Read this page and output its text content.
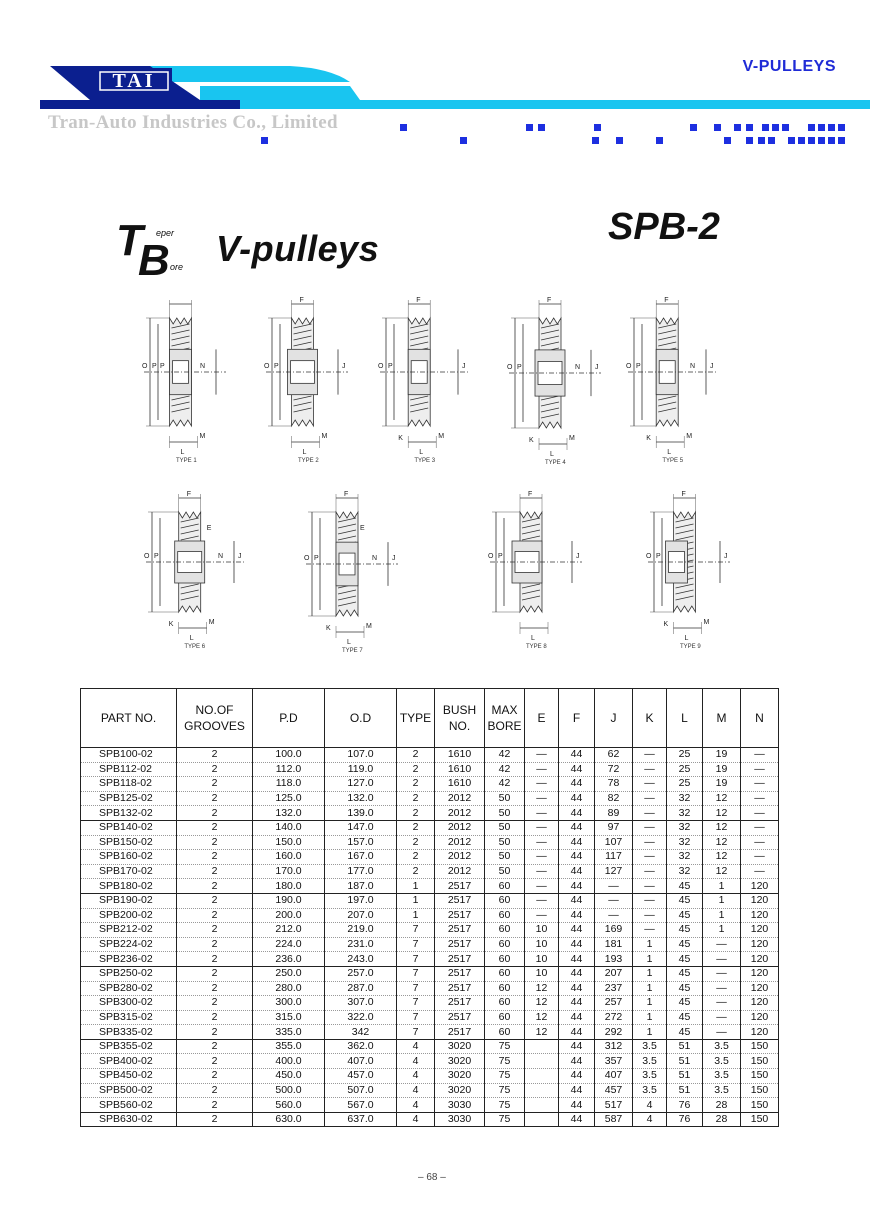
TAI
V-PULLEYS
Tran-Auto Industries Co., Limited
T eper
B ore V-pulleys
SPB-2
P
O P	N
L
M
TYPE 1
F
O P	J
L
M
TYPE 2
F
O P	J
K
L
M
TYPE 3
F
O P	N J
K
L
M
TYPE 4
F
O P	N J
K
L
M
TYPE 5
F
O P
E
N J
K
L
M
TYPE 6
F
O P
E
N J
K
L
M
TYPE 7
F
O P	J
L
TYPE 8
F
O P	J
K
L
M
TYPE 9
PART NO.	NO.OF
GROOVES	P.D	O.D	TYPE	BUSH
NO.	MAX
BORE	E	F	J	K	L	M	N
SPB100-02	2	100.0	107.0	2	1610	42	—	44	62	—	25	19	—
SPB112-02	2	112.0	119.0	2	1610	42	—	44	72	—	25	19	—
SPB118-02	2	118.0	127.0	2	1610	42	—	44	78	—	25	19	—
SPB125-02	2	125.0	132.0	2	2012	50	—	44	82	—	32	12	—
SPB132-02	2	132.0	139.0	2	2012	50	—	44	89	—	32	12	—
SPB140-02	2	140.0	147.0	2	2012	50	—	44	97	—	32	12	—
SPB150-02	2	150.0	157.0	2	2012	50	—	44	107	—	32	12	—
SPB160-02	2	160.0	167.0	2	2012	50	—	44	117	—	32	12	—
SPB170-02	2	170.0	177.0	2	2012	50	—	44	127	—	32	12	—
SPB180-02	2	180.0	187.0	1	2517	60	—	44	—	—	45	1	120
SPB190-02	2	190.0	197.0	1	2517	60	—	44	—	—	45	1	120
SPB200-02	2	200.0	207.0	1	2517	60	—	44	—	—	45	1	120
SPB212-02	2	212.0	219.0	7	2517	60	10	44	169	—	45	1	120
SPB224-02	2	224.0	231.0	7	2517	60	10	44	181	1	45	—	120
SPB236-02	2	236.0	243.0	7	2517	60	10	44	193	1	45	—	120
SPB250-02	2	250.0	257.0	7	2517	60	10	44	207	1	45	—	120
SPB280-02	2	280.0	287.0	7	2517	60	12	44	237	1	45	—	120
SPB300-02	2	300.0	307.0	7	2517	60	12	44	257	1	45	—	120
SPB315-02	2	315.0	322.0	7	2517	60	12	44	272	1	45	—	120
SPB335-02	2	335.0	342	7	2517	60	12	44	292	1	45	—	120
SPB355-02	2	355.0	362.0	4	3020	75		44	312	3.5	51	3.5	150
SPB400-02	2	400.0	407.0	4	3020	75		44	357	3.5	51	3.5	150
SPB450-02	2	450.0	457.0	4	3020	75		44	407	3.5	51	3.5	150
SPB500-02	2	500.0	507.0	4	3020	75		44	457	3.5	51	3.5	150
SPB560-02	2	560.0	567.0	4	3030	75		44	517	4	76	28	150
SPB630-02	2	630.0	637.0	4	3030	75		44	587	4	76	28	150
– 68 –
